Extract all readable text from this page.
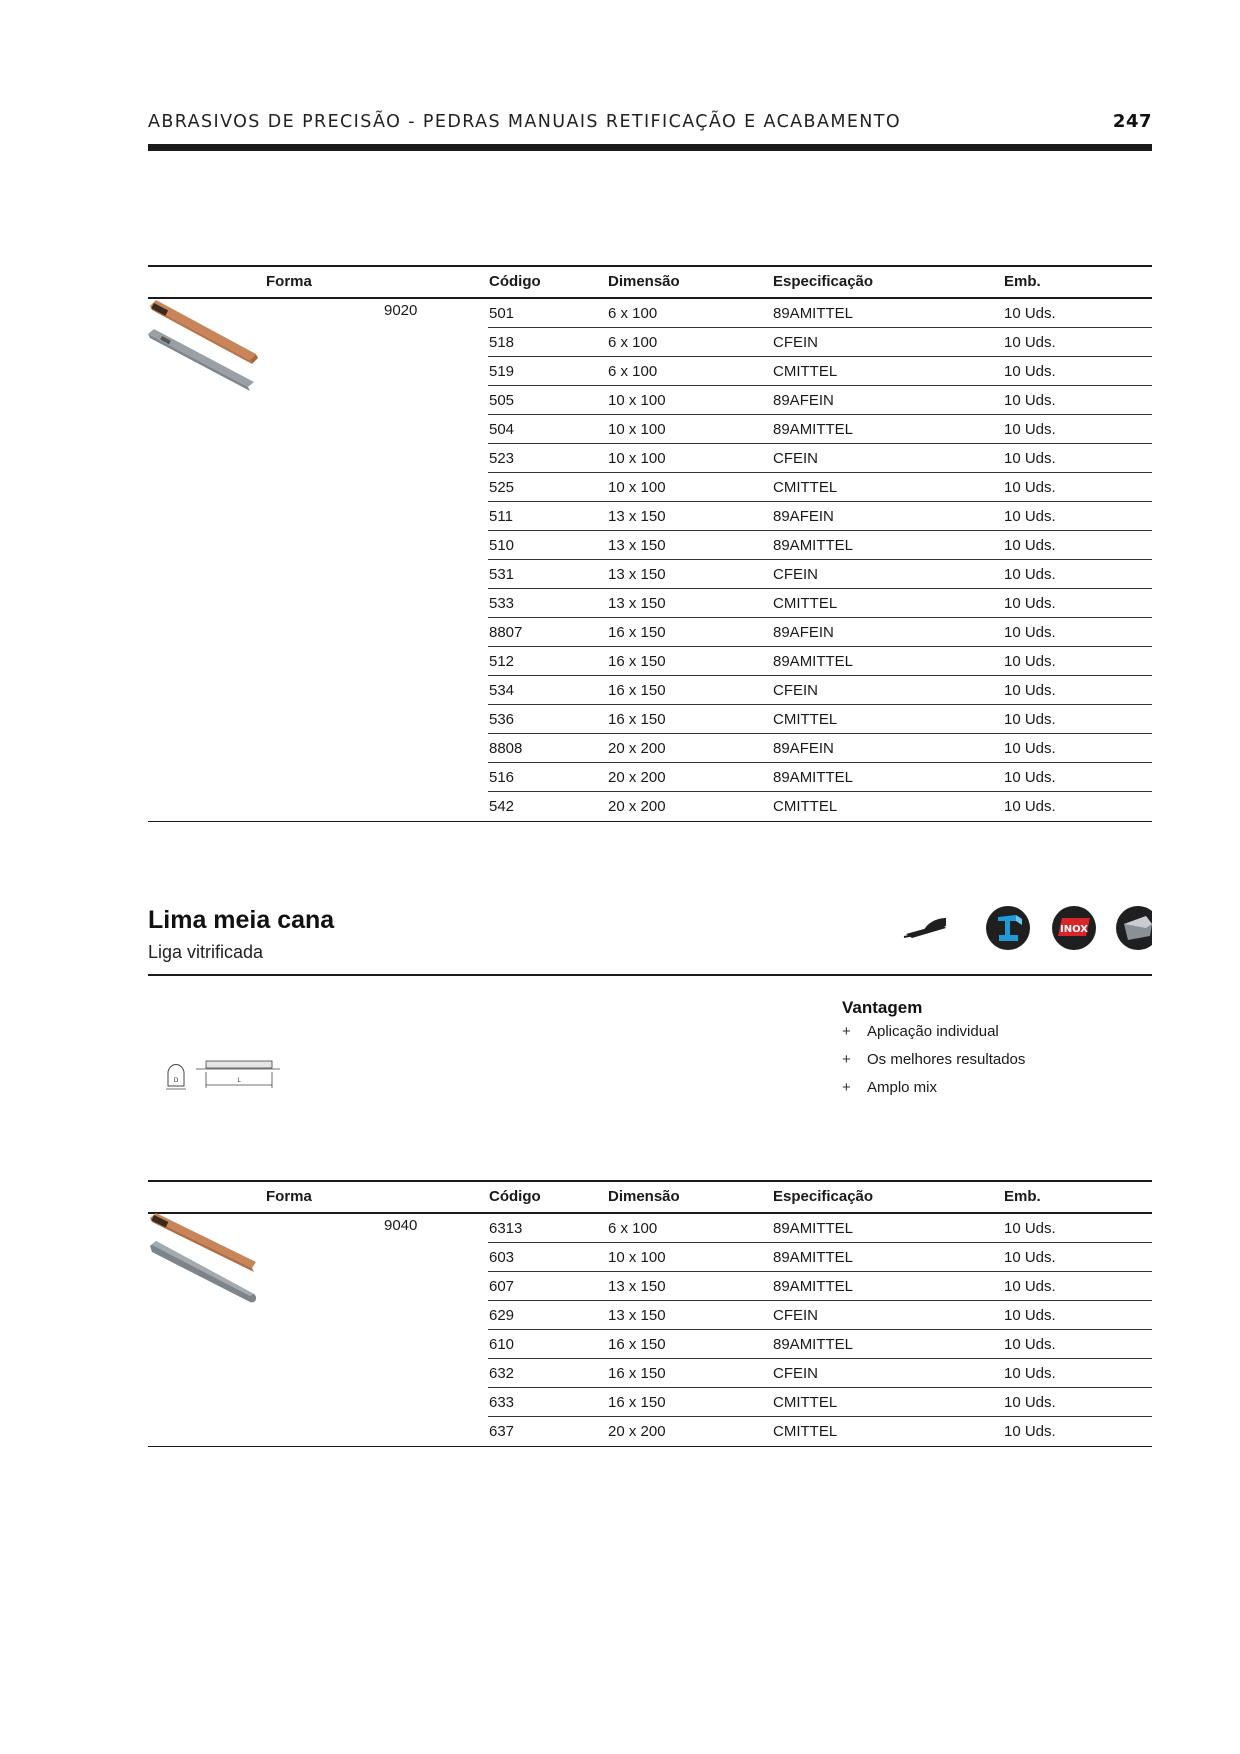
ABRASIVOS DE PRECISÃO - PEDRAS MANUAIS RETIFICAÇÃO E ACABAMENTO	247
Forma	Código	Dimensão	Especificação	Emb.
501	6 x 100	89AMITTEL	10 Uds.
518	6 x 100	CFEIN	10 Uds.
519	6 x 100	CMITTEL	10 Uds.
505	10 x 100	89AFEIN	10 Uds.
504	10 x 100	89AMITTEL	10 Uds.
523	10 x 100	CFEIN	10 Uds.
525	10 x 100	CMITTEL	10 Uds.
511	13 x 150	89AFEIN	10 Uds.
510	13 x 150	89AMITTEL	10 Uds.
531	13 x 150	CFEIN	10 Uds.
533	13 x 150	CMITTEL	10 Uds.
8807	16 x 150	89AFEIN	10 Uds.
512	16 x 150	89AMITTEL	10 Uds.
534	16 x 150	CFEIN	10 Uds.
536	16 x 150	CMITTEL	10 Uds.
8808	20 x 200	89AFEIN	10 Uds.
516	20 x 200	89AMITTEL	10 Uds.
542	20 x 200	CMITTEL	10 Uds.
9020
Lima meia cana
Liga vitrificada
INOX
D	L
Vantagem
+ Aplicação individual
+ Os melhores resultados
+ Amplo mix
Forma	Código	Dimensão	Especificação	Emb.
6313	6 x 100	89AMITTEL	10 Uds.
603	10 x 100	89AMITTEL	10 Uds.
607	13 x 150	89AMITTEL	10 Uds.
629	13 x 150	CFEIN	10 Uds.
610	16 x 150	89AMITTEL	10 Uds.
632	16 x 150	CFEIN	10 Uds.
633	16 x 150	CMITTEL	10 Uds.
637	20 x 200	CMITTEL	10 Uds.
9040
